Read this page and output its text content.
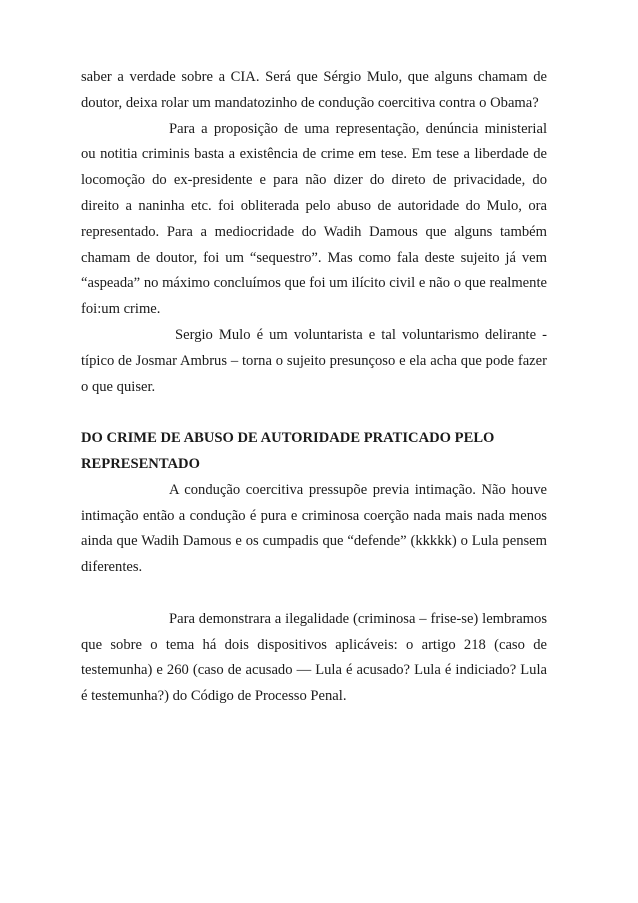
saber a verdade sobre a CIA. Será que Sérgio Mulo, que alguns chamam de doutor, deixa rolar um mandatozinho de condução coercitiva contra o Obama?

Para a proposição de uma representação, denúncia ministerial ou notitia criminis basta a existência de crime em tese. Em tese a liberdade de locomoção do ex-presidente e para não dizer do direto de privacidade, do direito a naninha etc. foi obliterada pelo abuso de autoridade do Mulo, ora representado. Para a mediocridade do Wadih Damous que alguns também chamam de doutor, foi um “sequestro”. Mas como fala deste sujeito já vem “aspeada” no máximo concluímos que foi um ilícito civil e não o que realmente foi:um crime.

Sergio Mulo é um voluntarista e tal voluntarismo delirante - típico de Josmar Ambrus – torna o sujeito presunçoso e ela acha que pode fazer o que quiser.

DO CRIME DE ABUSO DE AUTORIDADE PRATICADO PELO

REPRESENTADO

A condução coercitiva pressupõe previa intimação. Não houve intimação então a condução é pura e criminosa coerção nada mais nada menos ainda que Wadih Damous e os cumpadis que “defende” (kkkkk) o Lula pensem diferentes.

Para demonstrara a ilegalidade (criminosa – frise-se) lembramos que sobre o tema há dois dispositivos aplicáveis: o artigo 218 (caso de testemunha) e 260 (caso de acusado — Lula é acusado? Lula é indiciado? Lula é testemunha?) do Código de Processo Penal.
